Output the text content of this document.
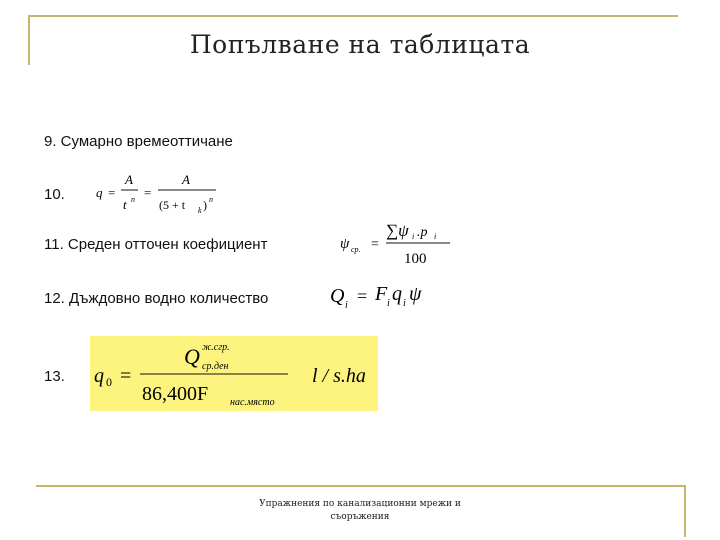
Попълване на таблицата
9. Сумарно времеоттичане
10.
11. Среден отточен коефициент
12. Дъждовно водно количество
13.
q =
A
t n =
A
(5 + t k ) n
ψ ср. =
∑ψ i .p i
100
Q i = F i q i ψ
q 0 =
Q ж.сгр.
ср.ден
86,400F нас.място
l / s.ha
Упражнения по канализационни мрежи и
съоръжения
